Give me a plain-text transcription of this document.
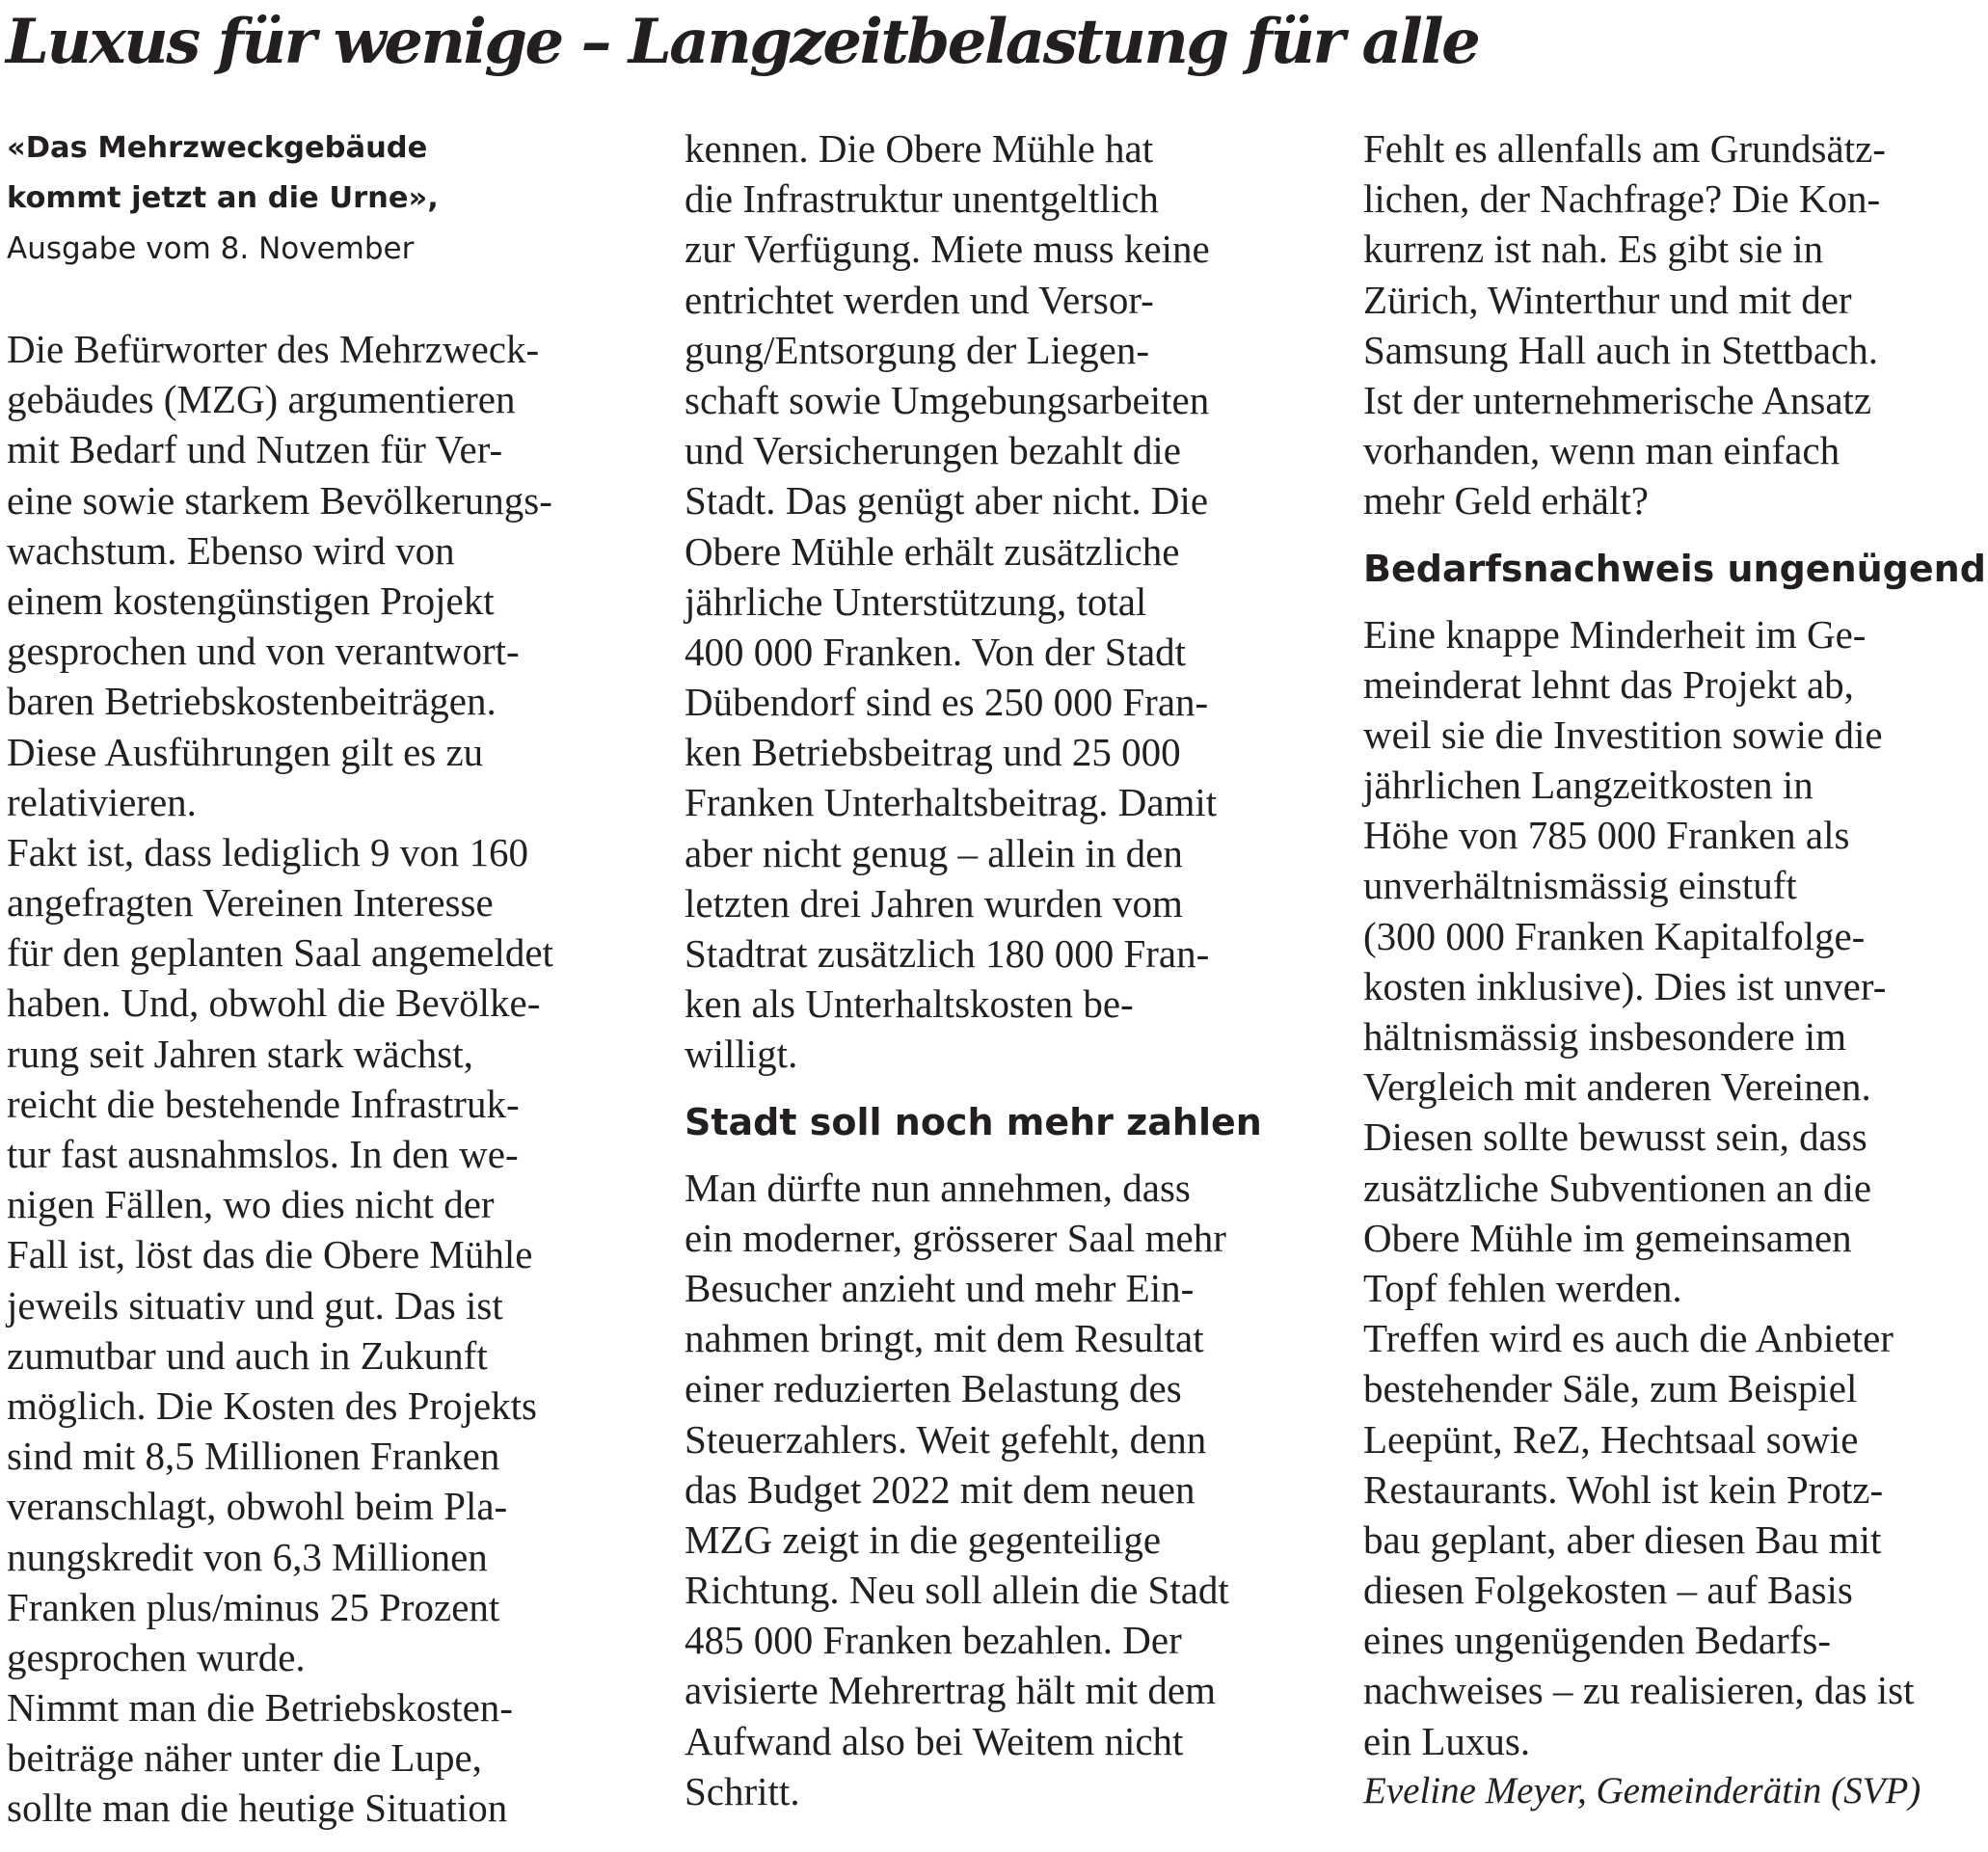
Luxus für wenige – Langzeitbelastung für alle
«Das Mehrzweckgebäude
kommt jetzt an die Urne»,
Ausgabe vom 8. November
Die Befürworter des Mehrzweck-
gebäudes (MZG) argumentieren
mit Bedarf und Nutzen für Ver-
eine sowie starkem Bevölkerungs-
wachstum. Ebenso wird von
einem kostengünstigen Projekt
gesprochen und von verantwort-
baren Betriebskostenbeiträgen.
Diese Ausführungen gilt es zu
relativieren.
Fakt ist, dass lediglich 9 von 160
angefragten Vereinen Interesse
für den geplanten Saal angemeldet
haben. Und, obwohl die Bevölke-
rung seit Jahren stark wächst,
reicht die bestehende Infrastruk-
tur fast ausnahmslos. In den we-
nigen Fällen, wo dies nicht der
Fall ist, löst das die Obere Mühle
jeweils situativ und gut. Das ist
zumutbar und auch in Zukunft
möglich. Die Kosten des Projekts
sind mit 8,5 Millionen Franken
veranschlagt, obwohl beim Pla-
nungskredit von 6,3 Millionen
Franken plus/minus 25 Prozent
gesprochen wurde.
Nimmt man die Betriebskosten-
beiträge näher unter die Lupe,
sollte man die heutige Situation
kennen. Die Obere Mühle hat
die Infrastruktur unentgeltlich
zur Verfügung. Miete muss keine
entrichtet werden und Versor-
gung/Entsorgung der Liegen-
schaft sowie Umgebungsarbeiten
und Versicherungen bezahlt die
Stadt. Das genügt aber nicht. Die
Obere Mühle erhält zusätzliche
jährliche Unterstützung, total
400 000 Franken. Von der Stadt
Dübendorf sind es 250 000 Fran-
ken Betriebsbeitrag und 25 000
Franken Unterhaltsbeitrag. Damit
aber nicht genug – allein in den
letzten drei Jahren wurden vom
Stadtrat zusätzlich 180 000 Fran-
ken als Unterhaltskosten be-
willigt.
Stadt soll noch mehr zahlen
Man dürfte nun annehmen, dass
ein moderner, grösserer Saal mehr
Besucher anzieht und mehr Ein-
nahmen bringt, mit dem Resultat
einer reduzierten Belastung des
Steuerzahlers. Weit gefehlt, denn
das Budget 2022 mit dem neuen
MZG zeigt in die gegenteilige
Richtung. Neu soll allein die Stadt
485 000 Franken bezahlen. Der
avisierte Mehrertrag hält mit dem
Aufwand also bei Weitem nicht
Schritt.
Fehlt es allenfalls am Grundsätz-
lichen, der Nachfrage? Die Kon-
kurrenz ist nah. Es gibt sie in
Zürich, Winterthur und mit der
Samsung Hall auch in Stettbach.
Ist der unternehmerische Ansatz
vorhanden, wenn man einfach
mehr Geld erhält?
Bedarfsnachweis ungenügend
Eine knappe Minderheit im Ge-
meinderat lehnt das Projekt ab,
weil sie die Investition sowie die
jährlichen Langzeitkosten in
Höhe von 785 000 Franken als
unverhältnismässig einstuft
(300 000 Franken Kapitalfolge-
kosten inklusive). Dies ist unver-
hältnismässig insbesondere im
Vergleich mit anderen Vereinen.
Diesen sollte bewusst sein, dass
zusätzliche Subventionen an die
Obere Mühle im gemeinsamen
Topf fehlen werden.
Treffen wird es auch die Anbieter
bestehender Säle, zum Beispiel
Leepünt, ReZ, Hechtsaal sowie
Restaurants. Wohl ist kein Protz-
bau geplant, aber diesen Bau mit
diesen Folgekosten – auf Basis
eines ungenügenden Bedarfs-
nachweises – zu realisieren, das ist
ein Luxus.
Eveline Meyer, Gemeinderätin (SVP)
